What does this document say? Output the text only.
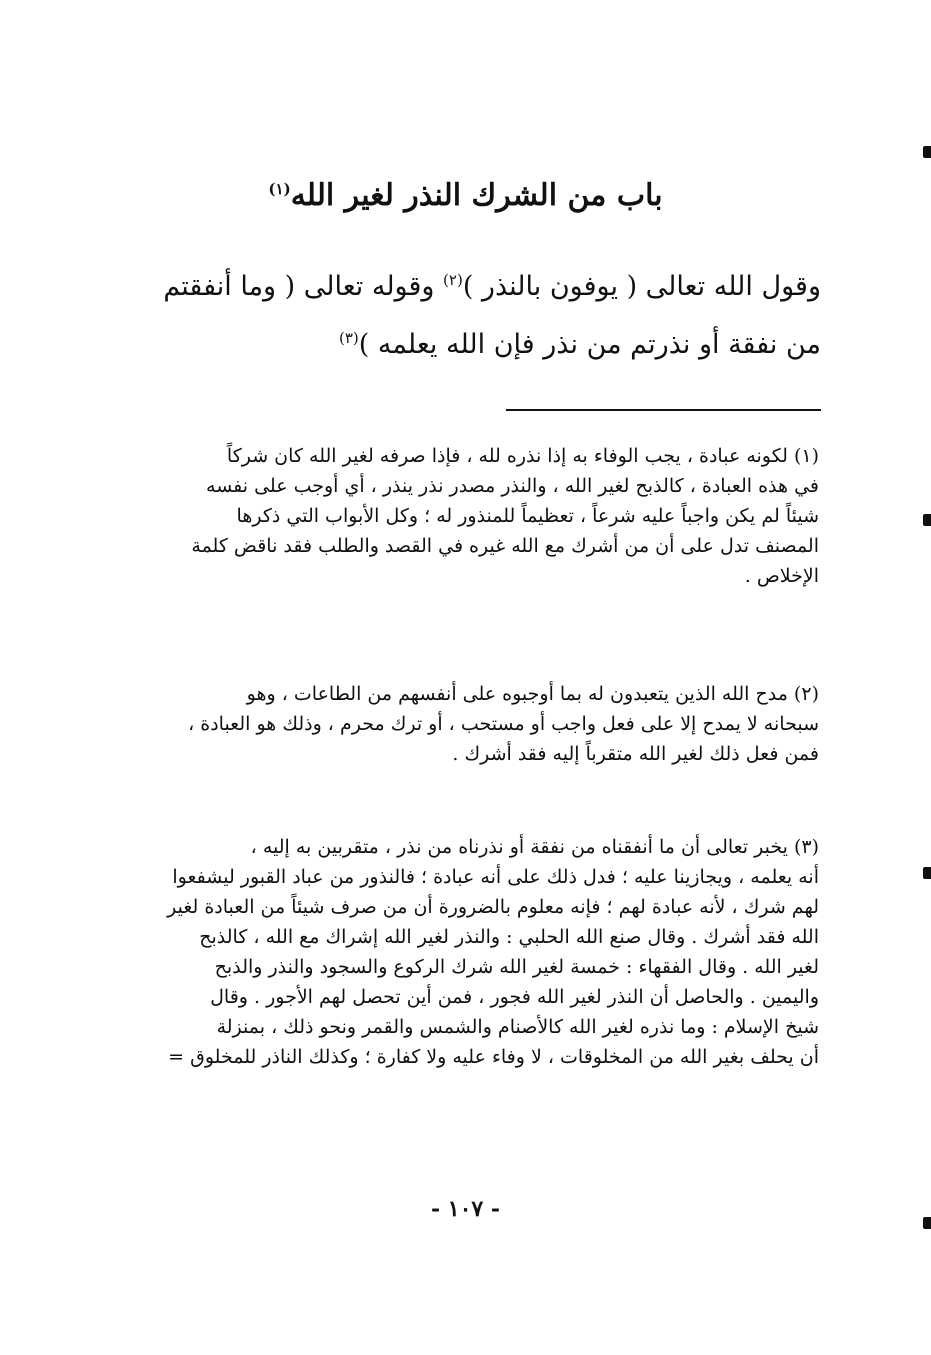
باب من الشرك النذر لغير الله$^{(١)}$

وقول الله تعالى ( يوفون بالنذر )$^{(٢)}$ وقوله تعالى ( وما أنفقتم

من نفقة أو نذرتم من نذر فإن الله يعلمه )$^{(٣)}$

(١) لكونه عبادة ، يجب الوفاء به إذا نذره لله ، فإذا صرفه لغير الله كان شركاً

في هذه العبادة ، كالذبح لغير الله ، والنذر مصدر نذر ينذر ، أي أوجب على نفسه

شيئاً لم يكن واجباً عليه شرعاً ، تعظيماً للمنذور له ؛ وكل الأبواب التي ذكرها

المصنف تدل على أن من أشرك مع الله غيره في القصد والطلب فقد ناقض كلمة

الإخلاص .

(٢) مدح الله الذين يتعبدون له بما أوجبوه على أنفسهم من الطاعات ، وهو

سبحانه لا يمدح إلا على فعل واجب أو مستحب ، أو ترك محرم ، وذلك هو العبادة ،

فمن فعل ذلك لغير الله متقرباً إليه فقد أشرك .

(٣) يخبر تعالى أن ما أنفقناه من نفقة أو نذرناه من نذر ، متقربين به إليه ،

أنه يعلمه ، ويجازينا عليه ؛ فدل ذلك على أنه عبادة ؛ فالنذور من عباد القبور ليشفعوا

لهم شرك ، لأنه عبادة لهم ؛ فإنه معلوم بالضرورة أن من صرف شيئاً من العبادة لغير

الله فقد أشرك . وقال صنع الله الحلبي : والنذر لغير الله إشراك مع الله ، كالذبح

لغير الله . وقال الفقهاء : خمسة لغير الله شرك الركوع والسجود والنذر والذبح

واليمين . والحاصل أن النذر لغير الله فجور ، فمن أين تحصل لهم الأجور . وقال

شيخ الإسلام : وما نذره لغير الله كالأصنام والشمس والقمر ونحو ذلك ، بمنزلة

أن يحلف بغير الله من المخلوقات ، لا وفاء عليه ولا كفارة ؛ وكذلك الناذر للمخلوق =

- ١٠٧ -
